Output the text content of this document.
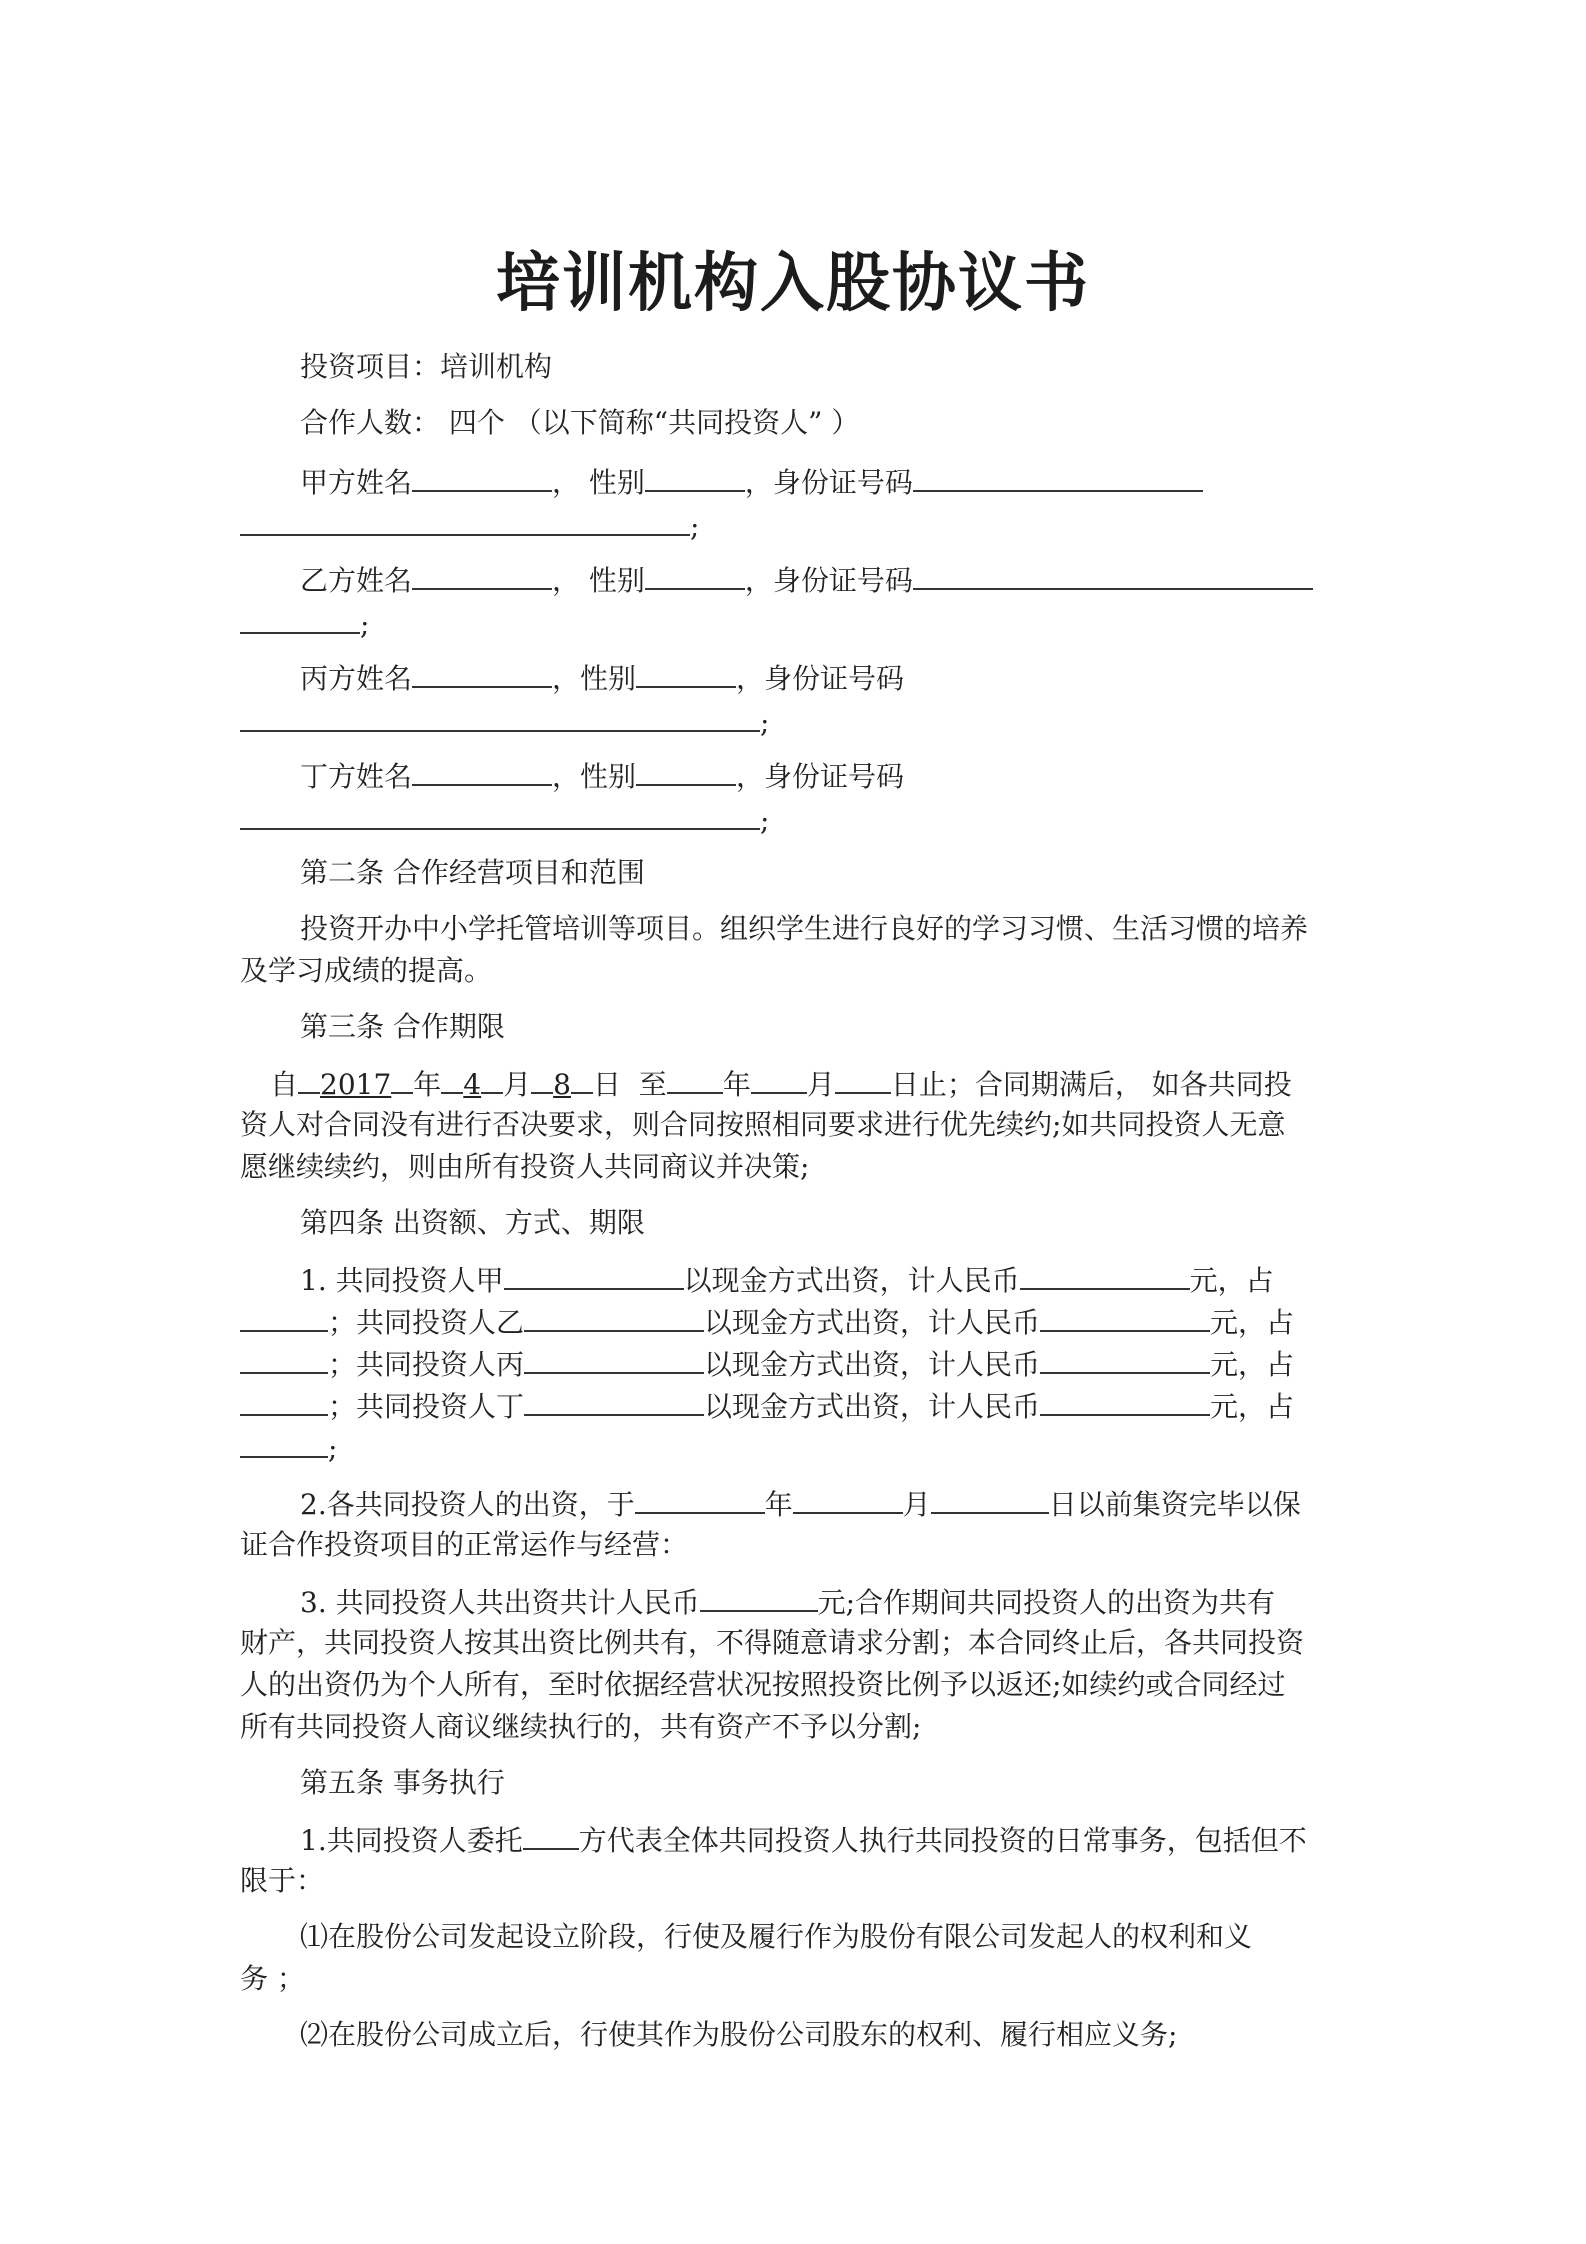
培训机构入股协议书
投资项目：培训机构
合作人数： 四个 （以下简称“共同投资人” ）
甲方姓名	， 性别	，身份证号码
;
乙方姓名	， 性别	，身份证号码
;
丙方姓名	，性别	，身份证号码
;
丁方姓名	，性别	，身份证号码
;
第二条 合作经营项目和范围
投资开办中小学托管培训等项目。组织学生进行良好的学习习惯、生活习惯的培养
及学习成绩的提高。
第三条 合作期限
自 2017 年 4 月 8 日 至 年 月 日止；合同期满后， 如各共同投
资人对合同没有进行否决要求，则合同按照相同要求进行优先续约;如共同投资人无意
愿继续续约，则由所有投资人共同商议并决策;
第四条 出资额、方式、期限
1. 共同投资人甲	以现金方式出资，计人民币	元，占
；共同投资人乙	以现金方式出资，计人民币	元，占
；共同投资人丙	以现金方式出资，计人民币	元，占
；共同投资人丁	以现金方式出资，计人民币	元，占
;
2.各共同投资人的出资，于	年	月	日以前集资完毕以保
证合作投资项目的正常运作与经营：
3. 共同投资人共出资共计人民币	元;合作期间共同投资人的出资为共有
财产，共同投资人按其出资比例共有，不得随意请求分割；本合同终止后，各共同投资
人的出资仍为个人所有，至时依据经营状况按照投资比例予以返还;如续约或合同经过
所有共同投资人商议继续执行的，共有资产不予以分割;
第五条 事务执行
1.共同投资人委托 方代表全体共同投资人执行共同投资的日常事务，包括但不
限于：
⑴在股份公司发起设立阶段，行使及履行作为股份有限公司发起人的权利和义
务 ；
⑵在股份公司成立后，行使其作为股份公司股东的权利、履行相应义务;
